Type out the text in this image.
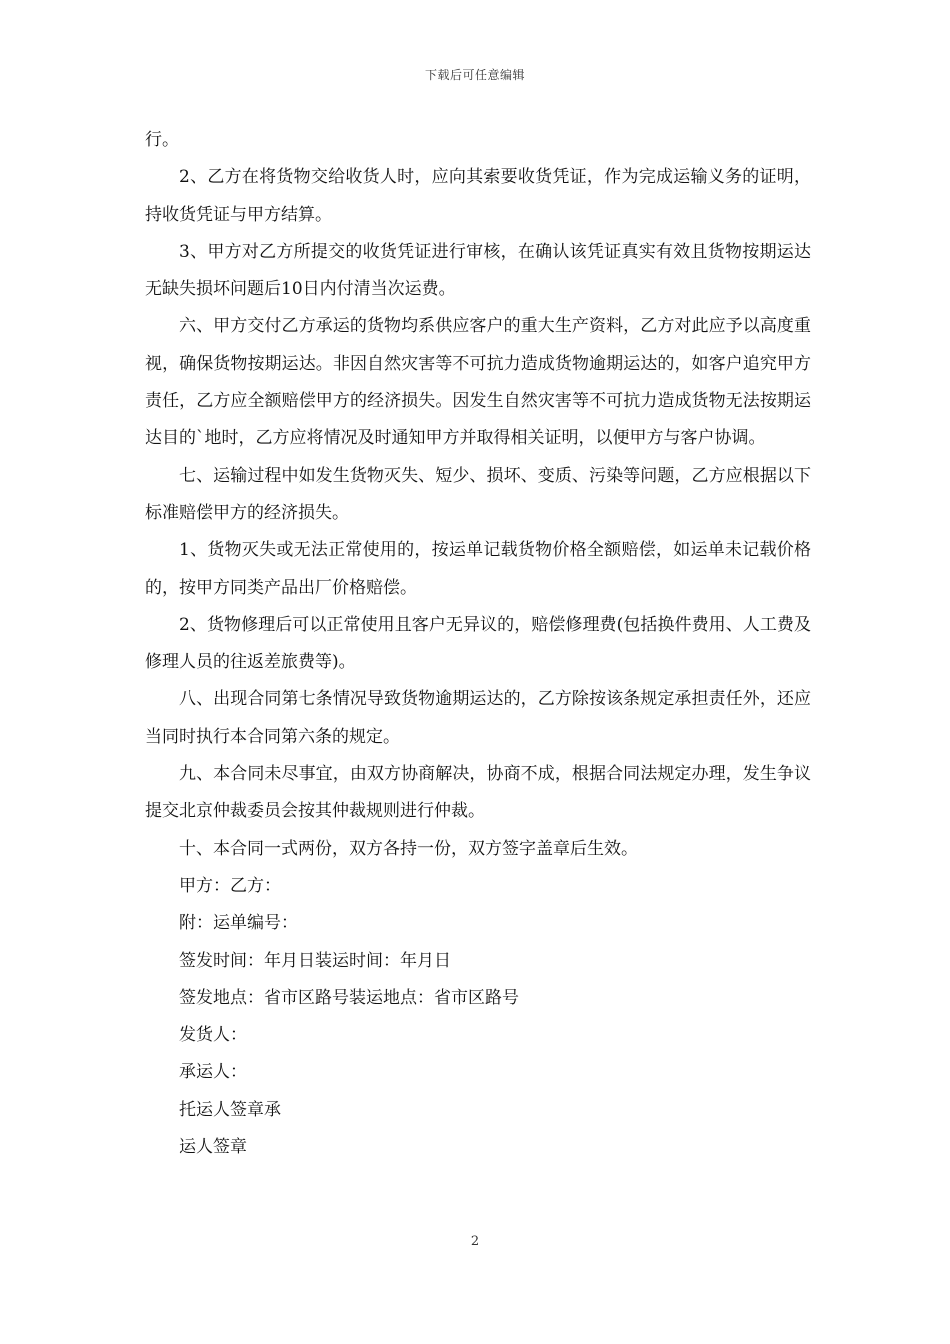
下载后可任意编辑

行。

2、乙方在将货物交给收货人时，应向其索要收货凭证，作为完成运输义务的证明，持收货凭证与甲方结算。

3、甲方对乙方所提交的收货凭证进行审核，在确认该凭证真实有效且货物按期运达无缺失损坏问题后10日内付清当次运费。

六、甲方交付乙方承运的货物均系供应客户的重大生产资料，乙方对此应予以高度重视，确保货物按期运达。非因自然灾害等不可抗力造成货物逾期运达的，如客户追究甲方责任，乙方应全额赔偿甲方的经济损失。因发生自然灾害等不可抗力造成货物无法按期运达目的`地时，乙方应将情况及时通知甲方并取得相关证明，以便甲方与客户协调。

七、运输过程中如发生货物灭失、短少、损坏、变质、污染等问题，乙方应根据以下标准赔偿甲方的经济损失。

1、货物灭失或无法正常使用的，按运单记载货物价格全额赔偿，如运单未记载价格的，按甲方同类产品出厂价格赔偿。

2、货物修理后可以正常使用且客户无异议的，赔偿修理费(包括换件费用、人工费及修理人员的往返差旅费等)。

八、出现合同第七条情况导致货物逾期运达的，乙方除按该条规定承担责任外，还应当同时执行本合同第六条的规定。

九、本合同未尽事宜，由双方协商解决，协商不成，根据合同法规定办理，发生争议提交北京仲裁委员会按其仲裁规则进行仲裁。

十、本合同一式两份，双方各持一份，双方签字盖章后生效。

甲方：乙方：

附：运单编号：

签发时间：年月日装运时间：年月日

签发地点：省市区路号装运地点：省市区路号

发货人：

承运人：

托运人签章承

运人签章

2
